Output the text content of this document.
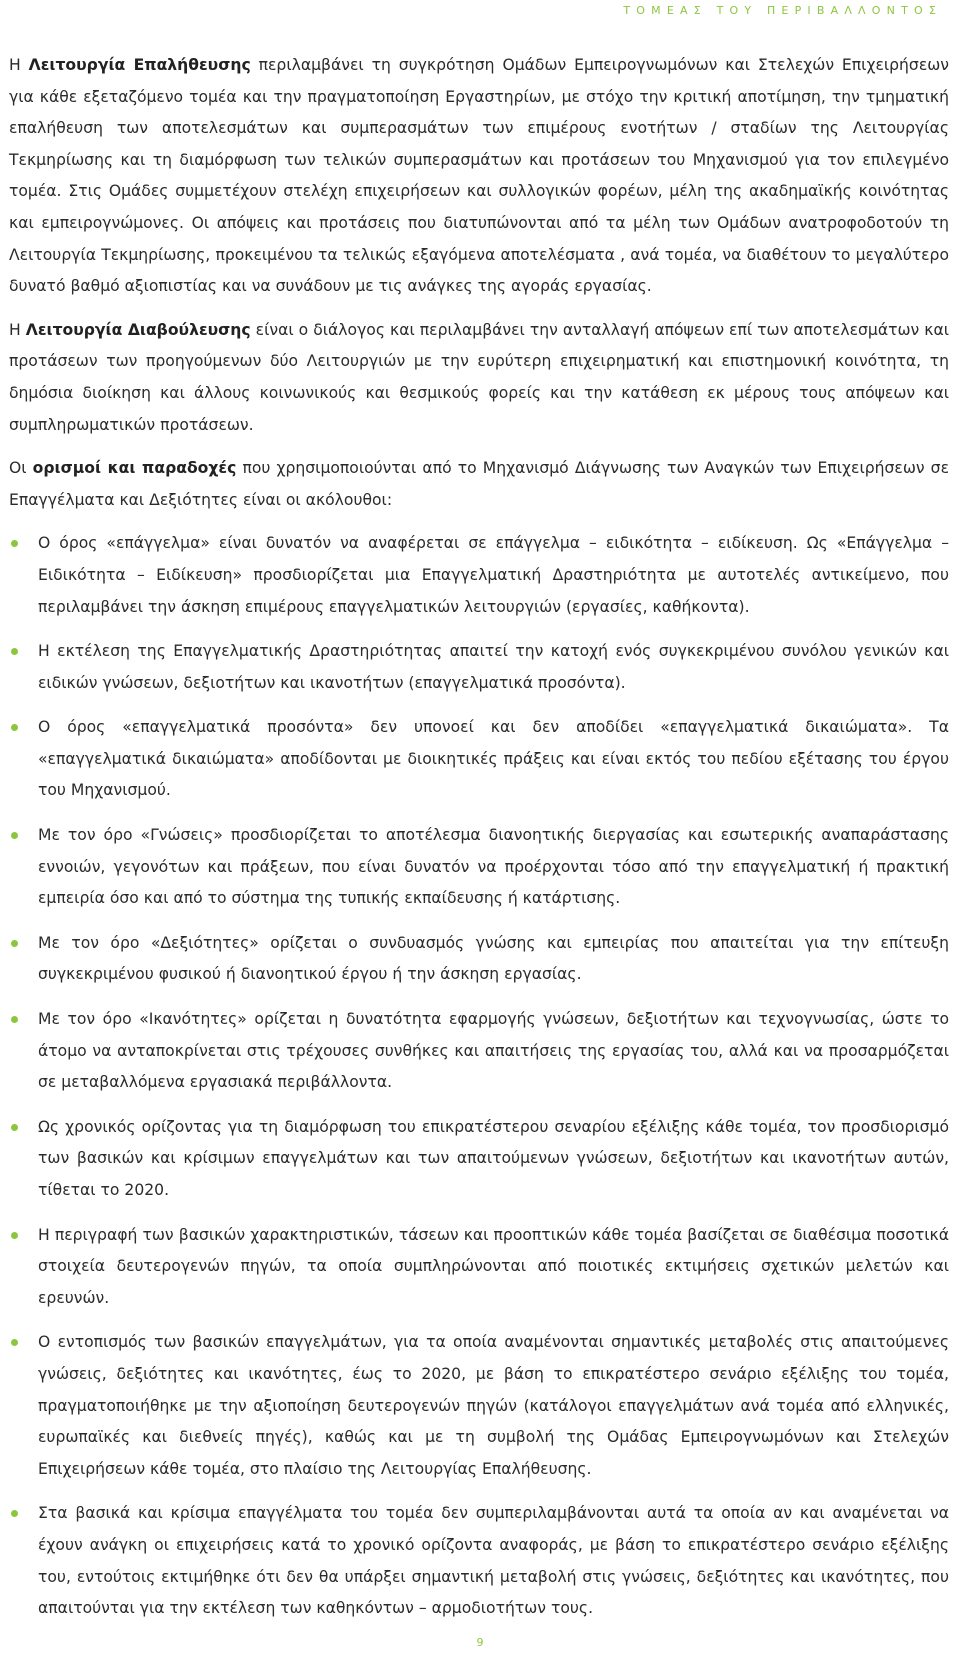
ΤΟΜΕΑΣ ΤΟΥ ΠΕΡΙΒΑΛΛΟΝΤΟΣ

Η Λειτουργία Επαλήθευσης περιλαμβάνει τη συγκρότηση Ομάδων Εμπειρογνωμόνων και Στελεχών Επιχειρήσεων για κάθε εξεταζόμενο τομέα και την πραγματοποίηση Εργαστηρίων, με στόχο την κριτική αποτίμηση, την τμηματική επαλήθευση των αποτελεσμάτων και συμπερασμάτων των επιμέρους ενοτήτων / σταδίων της Λειτουργίας Τεκμηρίωσης και τη διαμόρφωση των τελικών συμπερασμάτων και προτάσεων του Μηχανισμού για τον επιλεγμένο τομέα. Στις Ομάδες συμμετέχουν στελέχη επιχειρήσεων και συλλογικών φορέων, μέλη της ακαδημαϊκής κοινότητας και εμπειρογνώμονες. Οι απόψεις και προτάσεις που διατυπώνονται από τα μέλη των Ομάδων ανατροφοδοτούν τη Λειτουργία Τεκμηρίωσης, προκειμένου τα τελικώς εξαγόμενα αποτελέσματα , ανά τομέα, να διαθέτουν το μεγαλύτερο δυνατό βαθμό αξιοπιστίας και να συνάδουν με τις ανάγκες της αγοράς εργασίας.

Η Λειτουργία Διαβούλευσης είναι ο διάλογος και περιλαμβάνει την ανταλλαγή απόψεων επί των αποτελεσμάτων και προτάσεων των προηγούμενων δύο Λειτουργιών με την ευρύτερη επιχειρηματική και επιστημονική κοινότητα, τη δημόσια διοίκηση και άλλους κοινωνικούς και θεσμικούς φορείς και την κατάθεση εκ μέρους τους απόψεων και συμπληρωματικών προτάσεων.

Οι ορισμοί και παραδοχές που χρησιμοποιούνται από το Μηχανισμό Διάγνωσης των Αναγκών των Επιχειρήσεων σε Επαγγέλματα και Δεξιότητες είναι οι ακόλουθοι:

Ο όρος «επάγγελμα» είναι δυνατόν να αναφέρεται σε επάγγελμα – ειδικότητα – ειδίκευση. Ως «Επάγγελμα – Ειδικότητα – Ειδίκευση» προσδιορίζεται μια Επαγγελματική Δραστηριότητα με αυτοτελές αντικείμενο, που περιλαμβάνει την άσκηση επιμέρους επαγγελματικών λειτουργιών (εργασίες, καθήκοντα).
Η εκτέλεση της Επαγγελματικής Δραστηριότητας απαιτεί την κατοχή ενός συγκεκριμένου συνόλου γενικών και ειδικών γνώσεων, δεξιοτήτων και ικανοτήτων (επαγγελματικά προσόντα).
Ο όρος «επαγγελματικά προσόντα» δεν υπονοεί και δεν αποδίδει «επαγγελματικά δικαιώματα». Τα «επαγγελματικά δικαιώματα» αποδίδονται με διοικητικές πράξεις και είναι εκτός του πεδίου εξέτασης του έργου του Μηχανισμού.
Με τον όρο «Γνώσεις» προσδιορίζεται το αποτέλεσμα διανοητικής διεργασίας και εσωτερικής αναπαράστασης εννοιών, γεγονότων και πράξεων, που είναι δυνατόν να προέρχονται τόσο από την επαγγελματική ή πρακτική εμπειρία όσο και από το σύστημα της τυπικής εκπαίδευσης ή κατάρτισης.
Με τον όρο «Δεξιότητες» ορίζεται ο συνδυασμός γνώσης και εμπειρίας που απαιτείται για την επίτευξη συγκεκριμένου φυσικού ή διανοητικού έργου ή την άσκηση εργασίας.
Με τον όρο «Ικανότητες» ορίζεται η δυνατότητα εφαρμογής γνώσεων, δεξιοτήτων και τεχνογνωσίας, ώστε το άτομο να ανταποκρίνεται στις τρέχουσες συνθήκες και απαιτήσεις της εργασίας του, αλλά και να προσαρμόζεται σε μεταβαλλόμενα εργασιακά περιβάλλοντα.
Ως χρονικός ορίζοντας για τη διαμόρφωση του επικρατέστερου σεναρίου εξέλιξης κάθε τομέα, τον προσδιορισμό των βασικών και κρίσιμων επαγγελμάτων και των απαιτούμενων γνώσεων, δεξιοτήτων και ικανοτήτων αυτών, τίθεται το 2020.
Η περιγραφή των βασικών χαρακτηριστικών, τάσεων και προοπτικών κάθε τομέα βασίζεται σε διαθέσιμα ποσοτικά στοιχεία δευτερογενών πηγών, τα οποία συμπληρώνονται από ποιοτικές εκτιμήσεις σχετικών μελετών και ερευνών.
Ο εντοπισμός των βασικών επαγγελμάτων, για τα οποία αναμένονται σημαντικές μεταβολές στις απαιτούμενες γνώσεις, δεξιότητες και ικανότητες, έως το 2020, με βάση το επικρατέστερο σενάριο εξέλιξης του τομέα, πραγματοποιήθηκε με την αξιοποίηση δευτερογενών πηγών (κατάλογοι επαγγελμάτων ανά τομέα από ελληνικές, ευρωπαϊκές και διεθνείς πηγές), καθώς και με τη συμβολή της Ομάδας Εμπειρογνωμόνων και Στελεχών Επιχειρήσεων κάθε τομέα, στο πλαίσιο της Λειτουργίας Επαλήθευσης.
Στα βασικά και κρίσιμα επαγγέλματα του τομέα δεν συμπεριλαμβάνονται αυτά τα οποία αν και αναμένεται να έχουν ανάγκη οι επιχειρήσεις κατά το χρονικό ορίζοντα αναφοράς, με βάση το επικρατέστερο σενάριο εξέλιξης του, εντούτοις εκτιμήθηκε ότι δεν θα υπάρξει σημαντική μεταβολή στις γνώσεις, δεξιότητες και ικανότητες, που απαιτούνται για την εκτέλεση των καθηκόντων – αρμοδιοτήτων τους.
9
